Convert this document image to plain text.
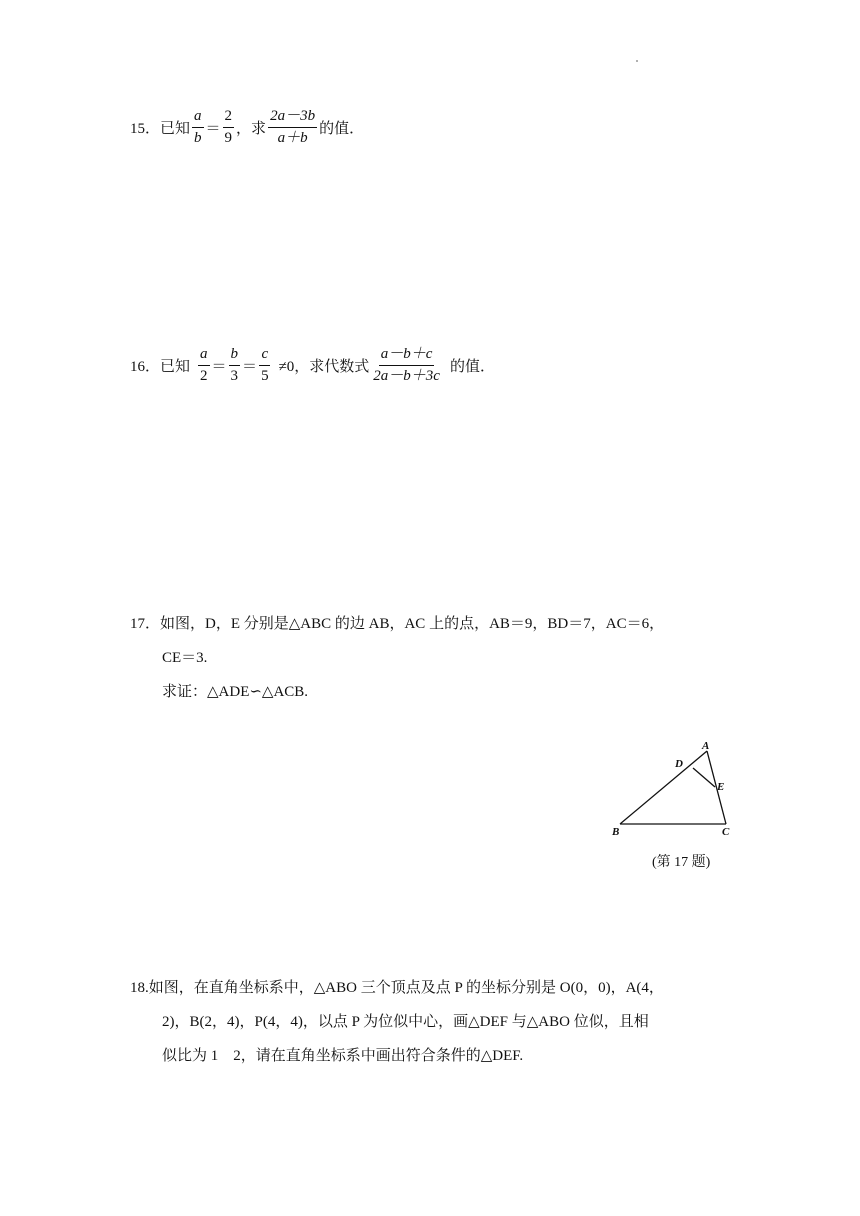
15． 已知 $\frac{a}{b} = \frac{2}{9}$ ，求 $\frac{2a-3b}{a+b}$ 的值．
16． 已知 $\frac{a}{2} = \frac{b}{3} = \frac{c}{5} \ne 0$，求代数式 $\frac{a-b+c}{2a-b+3c}$ 的值．
17．如图，D，E 分别是△ABC 的边 AB，AC 上的点，AB＝9，BD＝7，AC＝6，
CE＝3.
求证：△ADE∽△ACB.
A
B	C
D
E
(第 17 题)
18.如图，在直角坐标系中，△ABO 三个顶点及点 P 的坐标分别是 O(0，0)，A(4，
2)，B(2，4)，P(4，4)，以点 P 为位似中心，画△DEF 与△ABO 位似，且相
似比为 1　2，请在直角坐标系中画出符合条件的△DEF.
